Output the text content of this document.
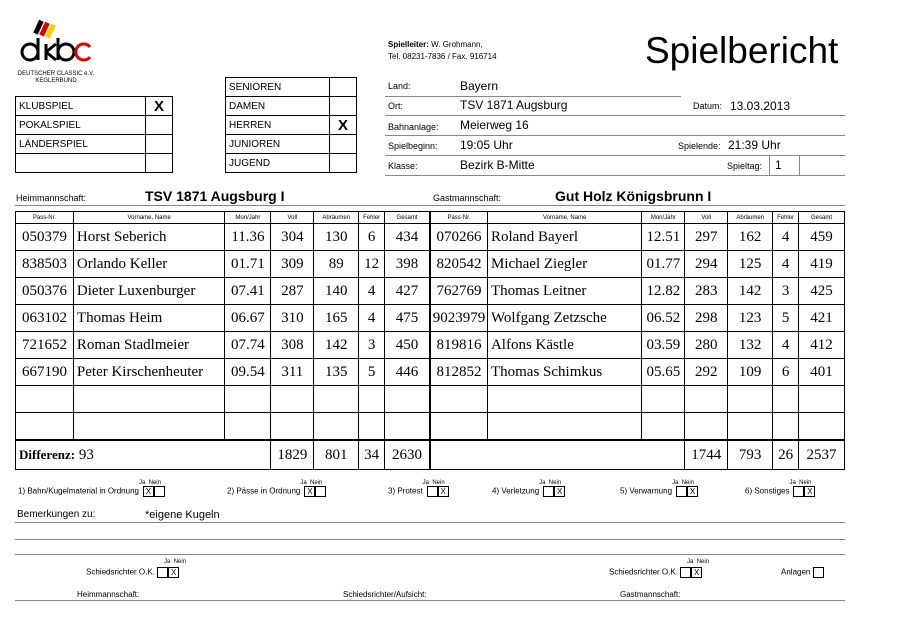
DEUTSCHER CLASSIC e.V.
KEGLERBUND
Spielleiter: W. Grohmann,
Tel. 08231-7836 / Fax. 916714	Spielbericht
KLUBSPIEL	X
POKALSPIEL	
LÄNDERSPIEL	

SENIOREN	
DAMEN	
HERREN	X
JUNIOREN	
JUGEND	
Land:	Bayern
Ort:	TSV 1871 Augsburg	Datum: 13.03.2013
Bahnanlage: Meierweg 16
Spielbeginn: 19:05 Uhr	Spielende: 21:39 Uhr
Klasse:	Bezirk B-Mitte	Spieltag: 1
Heimmannschaft:	TSV 1871 Augsburg I	Gastmannschaft:	Gut Holz Königsbrunn I
Pass-Nr.	Vorname, Name	Mon/Jahr	Voll	Abräumen	Fehler	Gesamt
050379	Horst Seberich	11.36	304	130	6	434
838503	Orlando Keller	01.71	309	89	12	398
050376	Dieter Luxenburger	07.41	287	140	4	427
063102	Thomas Heim	06.67	310	165	4	475
721652	Roman Stadlmeier	07.74	308	142	3	450
667190	Peter Kirschenheuter	09.54	311	135	5	446

Differenz: 93			1829	801	34	2630
Pass-Nr.	Vorname, Name	Mon/Jahr	Voll	Abräumen	Fehler	Gesamt
070266	Roland Bayerl	12.51	297	162	4	459
820542	Michael Ziegler	01.77	294	125	4	419
762769	Thomas Leitner	12.82	283	142	3	425
9023979	Wolfgang Zetzsche	06.52	298	123	5	421
819816	Alfons Kästle	03.59	280	132	4	412
812852	Thomas Schimkus	05.65	292	109	6	401

			1744	793	26	2537
Ja Nein
1) Bahn/Kugelmaterial in Ordnung X
Ja Nein
2) Pässe in Ordnung X
Ja Nein
3) Protest X
Ja Nein
4) Verletzung X
Ja Nein
5) Verwarnung X
Ja Nein
6) Sonstiges X
Bemerkungen zu:	*eigene Kugeln
Ja Nein
Schiedsrichter O.K. X
Ja Nein
Schiedsrichter O.K. X	Anlagen
Heimmannschaft:	Schiedsrichter/Aufsicht:	Gastmannschaft:
